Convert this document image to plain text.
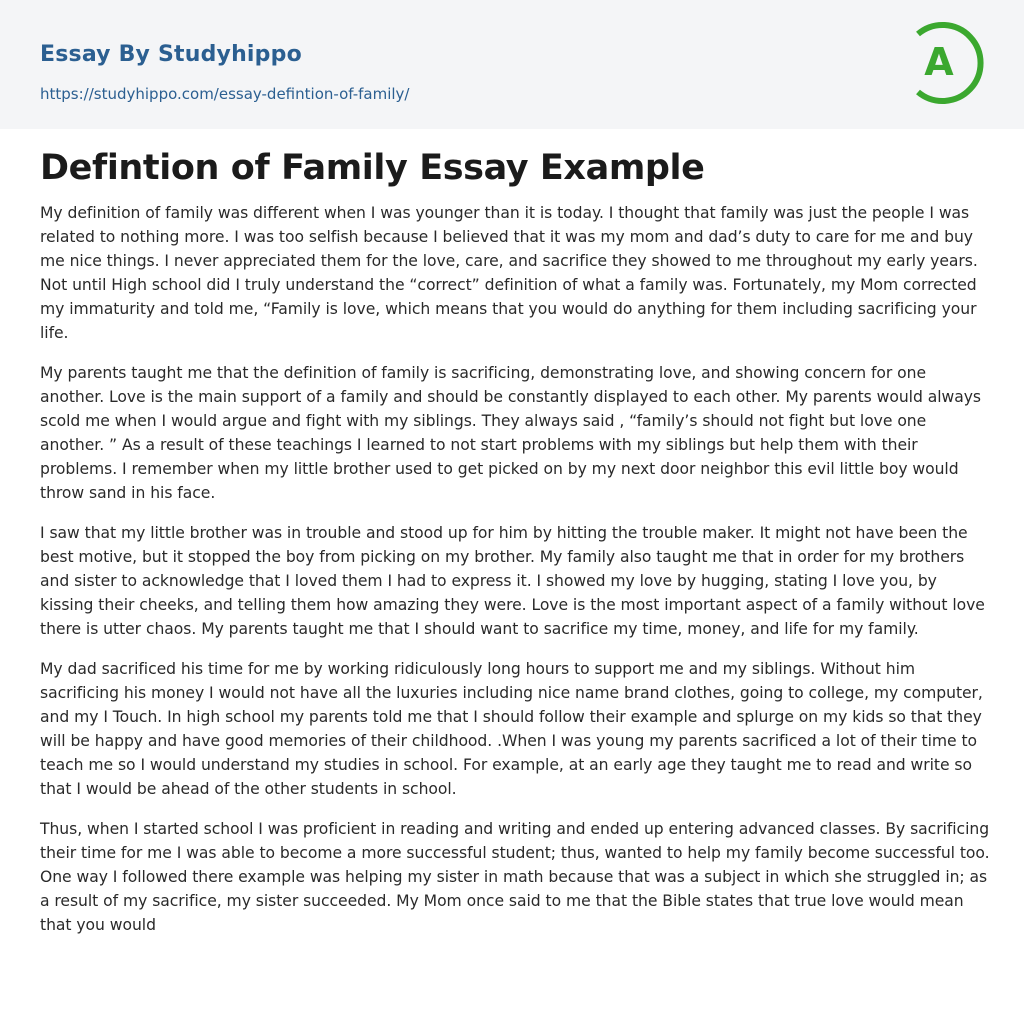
Essay By Studyhippo
https://studyhippo.com/essay-defintion-of-family/
A
Defintion of Family Essay Example

My definition of family was different when I was younger than it is today. I thought that family was just the people I was related to nothing more. I was too selfish because I believed that it was my mom and dad’s duty to care for me and buy me nice things. I never appreciated them for the love, care, and sacrifice they showed to me throughout my early years. Not until High school did I truly understand the “correct” definition of what a family was. Fortunately, my Mom corrected my immaturity and told me, “Family is love, which means that you would do anything for them including sacrificing your life.

My parents taught me that the definition of family is sacrificing, demonstrating love, and showing concern for one another. Love is the main support of a family and should be constantly displayed to each other. My parents would always scold me when I would argue and fight with my siblings. They always said , “family’s should not fight but love one another. ” As a result of these teachings I learned to not start problems with my siblings but help them with their problems. I remember when my little brother used to get picked on by my next door neighbor this evil little boy would throw sand in his face.

I saw that my little brother was in trouble and stood up for him by hitting the trouble maker. It might not have been the best motive, but it stopped the boy from picking on my brother. My family also taught me that in order for my brothers and sister to acknowledge that I loved them I had to express it. I showed my love by hugging, stating I love you, by kissing their cheeks, and telling them how amazing they were. Love is the most important aspect of a family without love there is utter chaos. My parents taught me that I should want to sacrifice my time, money, and life for my family.

My dad sacrificed his time for me by working ridiculously long hours to support me and my siblings. Without him sacrificing his money I would not have all the luxuries including nice name brand clothes, going to college, my computer, and my I Touch. In high school my parents told me that I should follow their example and splurge on my kids so that they will be happy and have good memories of their childhood. .When I was young my parents sacrificed a lot of their time to teach me so I would understand my studies in school. For example, at an early age they taught me to read and write so that I would be ahead of the other students in school.

Thus, when I started school I was proficient in reading and writing and ended up entering advanced classes. By sacrificing their time for me I was able to become a more successful student; thus, wanted to help my family become successful too. One way I followed there example was helping my sister in math because that was a subject in which she struggled in; as a result of my sacrifice, my sister succeeded. My Mom once said to me that the Bible states that true love would mean that you would
